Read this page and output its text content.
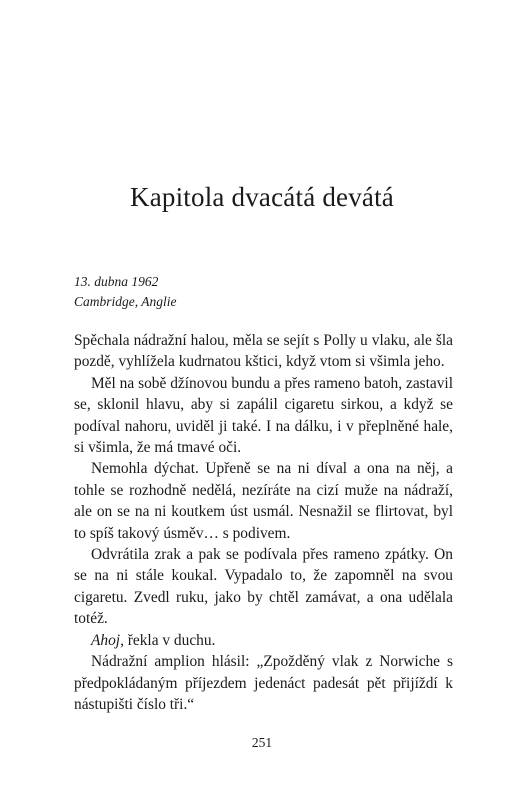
Kapitola dvacátá devátá
13. dubna 1962
Cambridge, Anglie

Spěchala nádražní halou, měla se sejít s Polly u vlaku, ale šla pozdě, vyhlížela kudrnatou kštici, když vtom si všimla jeho.

Měl na sobě džínovou bundu a přes rameno batoh, zastavil se, sklonil hlavu, aby si zapálil cigaretu sirkou, a když se podíval nahoru, uviděl ji také. I na dálku, i v přeplněné hale, si všimla, že má tmavé oči.

Nemohla dýchat. Upřeně se na ni díval a ona na něj, a tohle se rozhodně nedělá, nezíráte na cizí muže na nádraží, ale on se na ni koutkem úst usmál. Nesnažil se flirtovat, byl to spíš takový úsměv… s podivem.

Odvrátila zrak a pak se podívala přes rameno zpátky. On se na ni stále koukal. Vypadalo to, že zapomněl na svou cigaretu. Zvedl ruku, jako by chtěl zamávat, a ona udělala totéž.

Ahoj, řekla v duchu.

Nádražní amplion hlásil: „Zpožděný vlak z Norwiche s předpokládaným příjezdem jedenáct padesát pět přijíždí k nástupišti číslo tři.“

251
